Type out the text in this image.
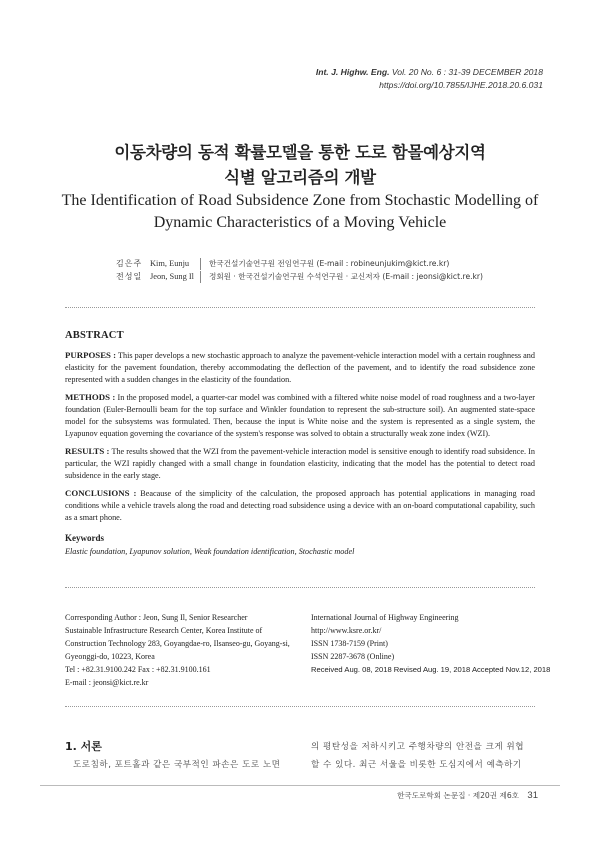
Int. J. Highw. Eng. Vol. 20 No. 6 : 31-39 DECEMBER 2018
https://doi.org/10.7855/IJHE.2018.20.6.031
이동차량의 동적 확률모델을 통한 도로 함몰예상지역
식별 알고리즘의 개발
The Identification of Road Subsidence Zone from Stochastic Modelling of
Dynamic Characteristics of a Moving Vehicle
김은주 Kim, Eunju	한국건설기술연구원 전임연구원 (E-mail : robineunjukim@kict.re.kr)
전성일 Jeon, Sung Il	정회원 · 한국건설기술연구원 수석연구원 · 교신저자 (E-mail : jeonsi@kict.re.kr)
ABSTRACT

PURPOSES : This paper develops a new stochastic approach to analyze the pavement-vehicle interaction model with a certain roughness and elasticity for the pavement foundation, thereby accommodating the deflection of the pavement, and to identify the road subsidence zone represented with a sudden changes in the elasticity of the foundation.

METHODS : In the proposed model, a quarter-car model was combined with a filtered white noise model of road roughness and a two-layer foundation (Euler-Bernoulli beam for the top surface and Winkler foundation to represent the sub-structure soil). An augmented state-space model for the subsystems was formulated. Then, because the input is White noise and the system is represented as a single system, the Lyapunov equation governing the covariance of the system's response was solved to obtain a structurally weak zone index (WZI).

RESULTS : The results showed that the WZI from the pavement-vehicle interaction model is sensitive enough to identify road subsidence. In particular, the WZI rapidly changed with a small change in foundation elasticity, indicating that the model has the potential to detect road subsidence in the early stage.

CONCLUSIONS : Beacause of the simplicity of the calculation, the proposed approach has potential applications in managing road conditions while a vehicle travels along the road and detecting road subsidence using a device with an on-board computational capability, such as a smart phone.

Keywords
Elastic foundation, Lyapunov solution, Weak foundation identification, Stochastic model
Corresponding Author : Jeon, Sung Il, Senior Researcher
Sustainable Infrastructure Research Center, Korea Institute of
Construction Technology 283, Goyangdae-ro, Ilsanseo-gu, Goyang-si,
Gyeonggi-do, 10223, Korea
Tel : +82.31.9100.242 Fax : +82.31.9100.161
E-mail : jeonsi@kict.re.kr
International Journal of Highway Engineering
http://www.ksre.or.kr/
ISSN 1738-7159 (Print)
ISSN 2287-3678 (Online)
Received Aug. 08, 2018 Revised Aug. 19, 2018 Accepted Nov.12, 2018
1. 서론
도로침하, 포트홀과 같은 국부적인 파손은 도로 노면
의 평탄성을 저하시키고 주행차량의 안전을 크게 위협
할 수 있다. 최근 서울을 비롯한 도심지에서 예측하기
한국도로학회 논문집 · 제20권 제6호 31
